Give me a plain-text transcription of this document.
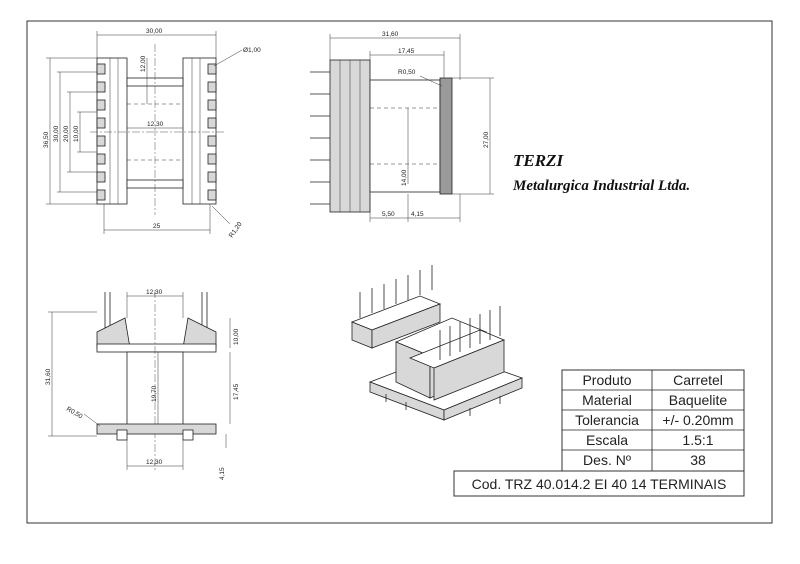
30,00
Ø1,00
12,00
12,30
36,50 30,00 20,00 10,00
25	R1,20
31,60
17,45
R0,50
27,00
14,00
5,50	4,15
TERZI
Metalurgica Industrial Ltda.
12,30
31,60
10,00
17,45
19,70
R0,50
12,30
4,15
Produto	Carretel
Material	Baquelite
Tolerancia +/- 0.20mm
Escala	1.5:1
Des. Nº	38
Cod. TRZ 40.014.2 EI 40 14 TERMINAIS
